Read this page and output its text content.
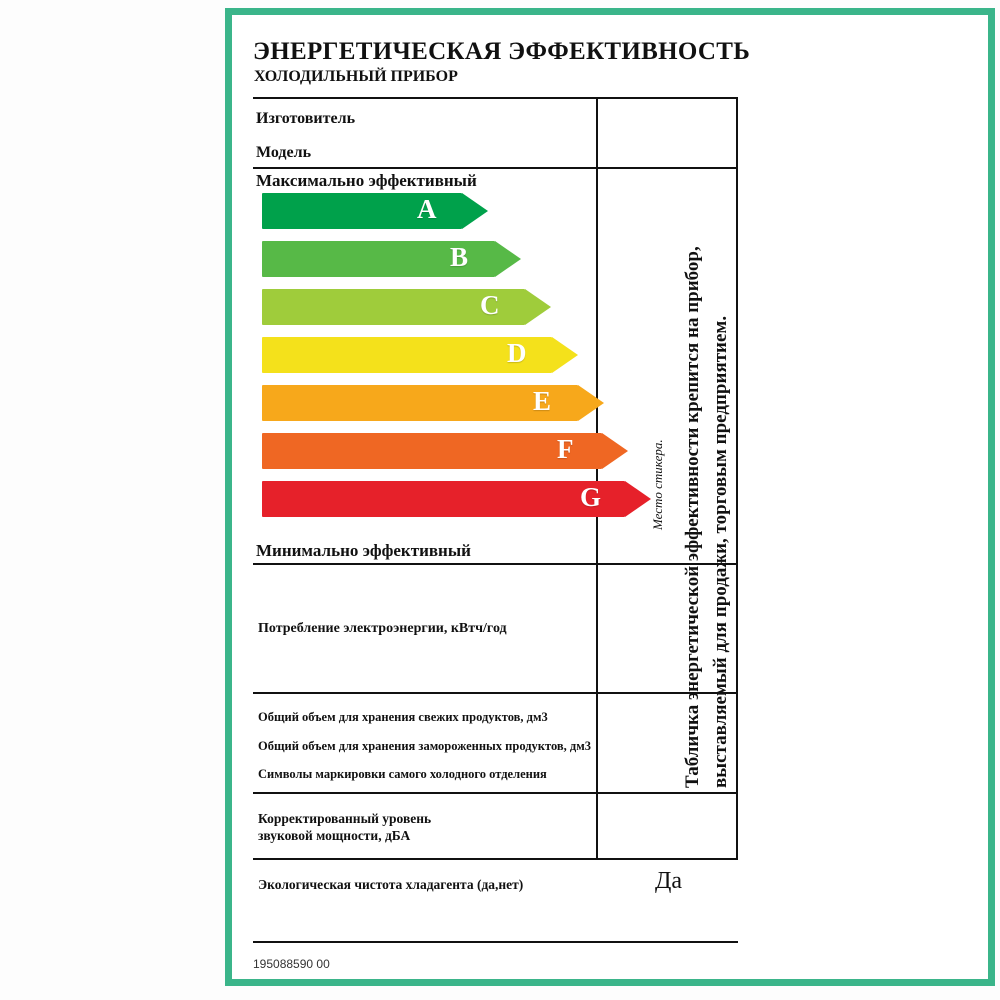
ЭНЕРГЕТИЧЕСКАЯ ЭФФЕКТИВНОСТЬ
ХОЛОДИЛЬНЫЙ ПРИБОР
Изготовитель
Модель
Максимально эффективный
Минимально эффективный
Потребление электроэнергии, кВтч/год
Общий объем для хранения свежих продуктов, дм3
Общий объем для хранения замороженных продуктов, дм3
Символы маркировки самого холодного отделения
Корректированный уровень
звуковой мощности, дБА
Экологическая чистота хладагента (да,нет)	Да
195088590 00
A
B
C
D
E
F
G	Место стикера. Табличка энергетической эффективности крепится на прибор, выставляемый для продажи, торговым предприятием.
